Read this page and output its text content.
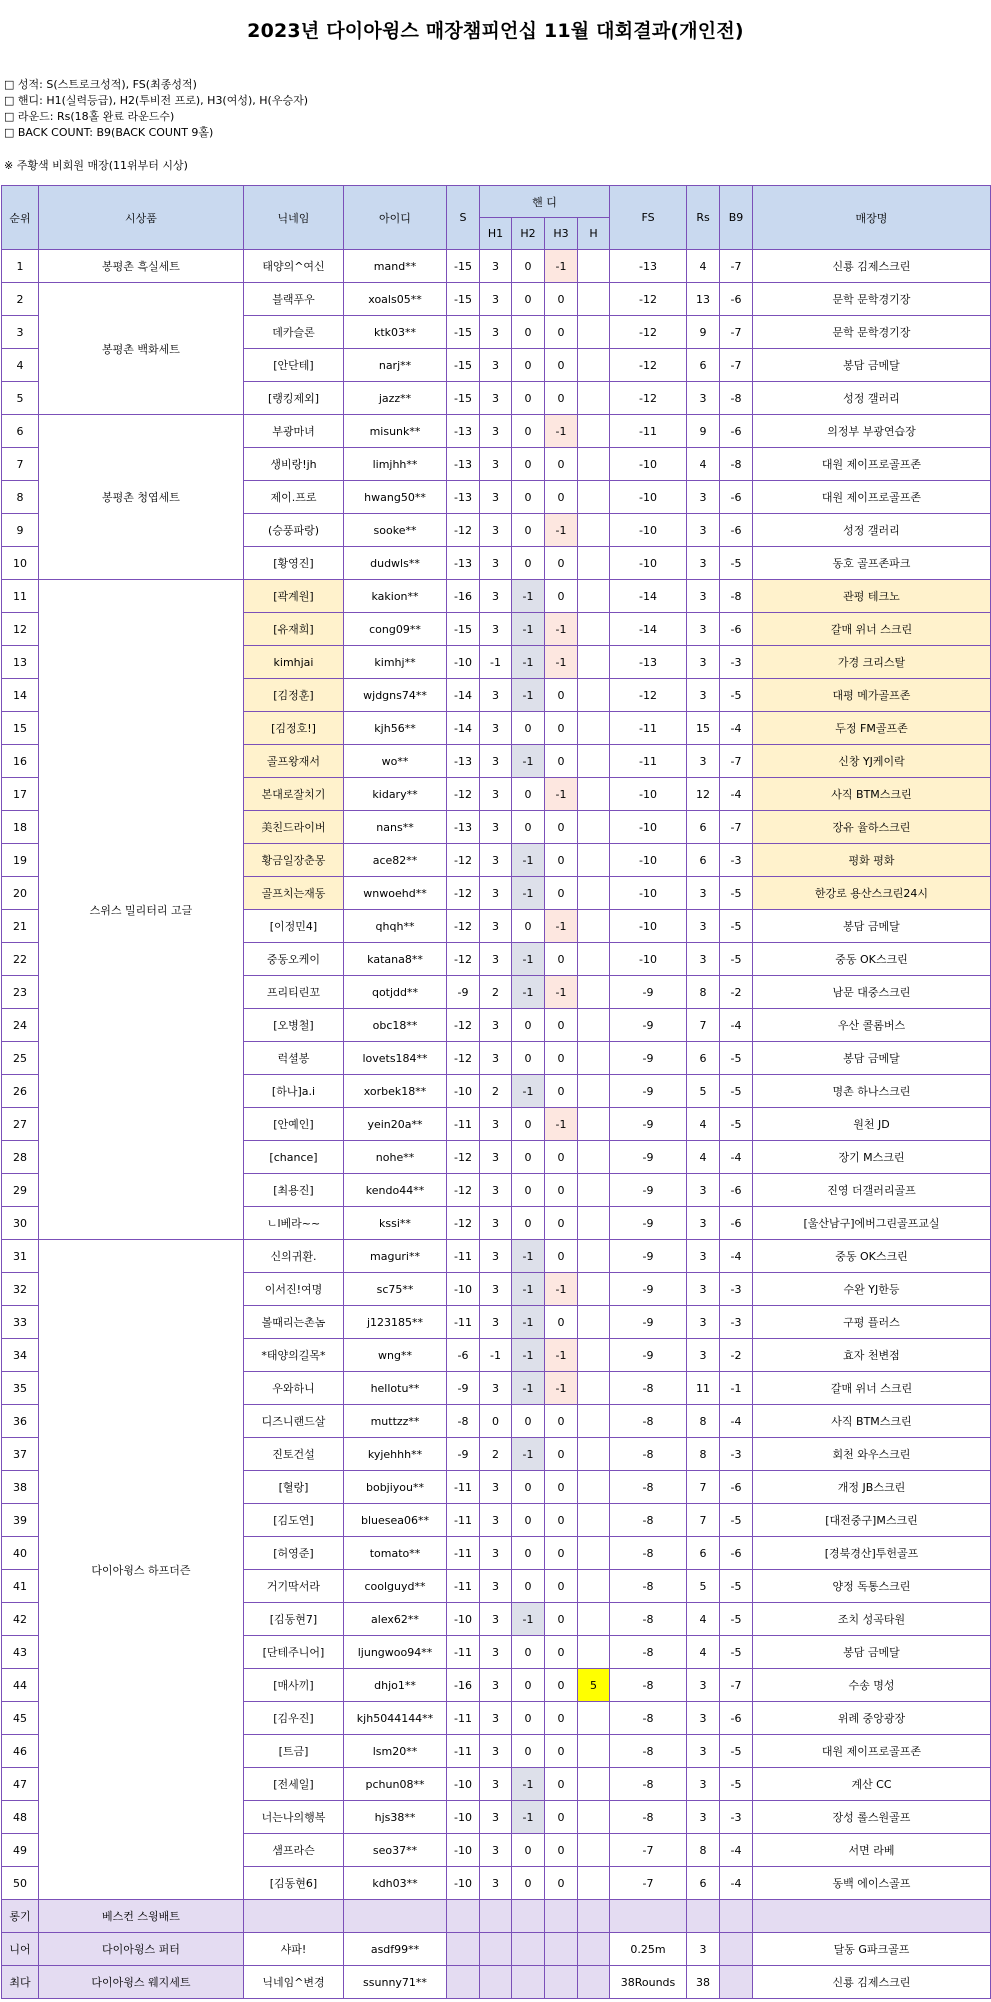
2023년 다이아윙스 매장챔피언십 11월 대회결과(개인전)
□ 성적: S(스트로크성적), FS(최종성적)
□ 핸디: H1(실력등급), H2(투비전 프로), H3(여성), H(우승자)
□ 라운드: Rs(18홀 완료 라운드수)
□ BACK COUNT: B9(BACK COUNT 9홀)
※ 주황색 비회원 매장(11위부터 시상)
순위	시상품	닉네임	아이디	S	핸 디				FS	Rs	B9	매장명
					H1	H2	H3	H				
1	봉평촌 흑실세트	태양의^여신	mand**	-15	3	0	-1		-13	4	-7	신룡 김제스크린
2	봉평촌 백화세트	블랙푸우	xoals05**	-15	3	0	0		-12	13	-6	문학 문학경기장
3		데카슬론	ktk03**	-15	3	0	0		-12	9	-7	문학 문학경기장
4		[안단테]	narj**	-15	3	0	0		-12	6	-7	봉담 금메달
5		[랭킹제외]	jazz**	-15	3	0	0		-12	3	-8	성정 갤러리
6	봉평촌 청엽세트	부광마녀	misunk**	-13	3	0	-1		-11	9	-6	의정부 부광연습장
7		생비랑!jh	limjhh**	-13	3	0	0		-10	4	-8	대원 제이프로골프존
8		제이.프로	hwang50**	-13	3	0	0		-10	3	-6	대원 제이프로골프존
9		(승풍파랑)	sooke**	-12	3	0	-1		-10	3	-6	성정 갤러리
10		[황영진]	dudwls**	-13	3	0	0		-10	3	-5	동호 골프존파크
11	스위스 밀리터리 고글	[곽계원]	kakion**	-16	3	-1	0		-14	3	-8	관평 테크노
12		[유재희]	cong09**	-15	3	-1	-1		-14	3	-6	갈매 위너 스크린
13		kimhjai	kimhj**	-10	-1	-1	-1		-13	3	-3	가경 크리스탈
14		[김정훈]	wjdgns74**	-14	3	-1	0		-12	3	-5	대평 메가골프존
15		[김정호!]	kjh56**	-14	3	0	0		-11	15	-4	두정 FM골프존
16		골프왕재서	wo**	-13	3	-1	0		-11	3	-7	신창 YJ케이락
17		본대로잘치기	kidary**	-12	3	0	-1		-10	12	-4	사직 BTM스크린
18		美친드라이버	nans**	-13	3	0	0		-10	6	-7	장유 율하스크린
19		황금일장춘몽	ace82**	-12	3	-1	0		-10	6	-3	평화 평화
20		골프치는재동	wnwoehd**	-12	3	-1	0		-10	3	-5	한강로 용산스크린24시
21		[이정민4]	qhqh**	-12	3	0	-1		-10	3	-5	봉담 금메달
22		중동오케이	katana8**	-12	3	-1	0		-10	3	-5	중동 OK스크린
23		프리티린꼬	qotjdd**	-9	2	-1	-1		-9	8	-2	남문 대중스크린
24		[오병철]	obc18**	-12	3	0	0		-9	7	-4	우산 콜롬버스
25		럭셜봉	lovets184**	-12	3	0	0		-9	6	-5	봉담 금메달
26		[하나]a.i	xorbek18**	-10	2	-1	0		-9	5	-5	명촌 하나스크린
27		[안예인]	yein20a**	-11	3	0	-1		-9	4	-5	원천 JD
28		[chance]	nohe**	-12	3	0	0		-9	4	-4	장기 M스크린
29		[최용진]	kendo44**	-12	3	0	0		-9	3	-6	진영 더갤러리골프
30		ㄴl베라~~	kssi**	-12	3	0	0		-9	3	-6	[울산남구]에버그린골프교실
31	다이아윙스 하프더즌	신의귀환.	maguri**	-11	3	-1	0		-9	3	-4	중동 OK스크린
32		이서진!여명	sc75**	-10	3	-1	-1		-9	3	-3	수완 YJ한등
33		볼때리는촌놈	j123185**	-11	3	-1	0		-9	3	-3	구평 플러스
34		*태양의길목*	wng**	-6	-1	-1	-1		-9	3	-2	효자 천변점
35		우와하니	hellotu**	-9	3	-1	-1		-8	11	-1	갈매 위너 스크린
36		디즈니랜드살	muttzz**	-8	0	0	0		-8	8	-4	사직 BTM스크린
37		진토건설	kyjehhh**	-9	2	-1	0		-8	8	-3	회천 와우스크린
38		[혈랑]	bobjiyou**	-11	3	0	0		-8	7	-6	개정 JB스크린
39		[김도연]	bluesea06**	-11	3	0	0		-8	7	-5	[대전중구]M스크린
40		[허영준]	tomato**	-11	3	0	0		-8	6	-6	[경북경산]투헌골프
41		거기딱서라	coolguyd**	-11	3	0	0		-8	5	-5	양정 독통스크린
42		[김동현7]	alex62**	-10	3	-1	0		-8	4	-5	조치 성곡타원
43		[단테주니어]	ljungwoo94**	-11	3	0	0		-8	4	-5	봉담 금메달
44		[매사끼]	dhjo1**	-16	3	0	0	5	-8	3	-7	수송 명성
45		[김우진]	kjh5044144**	-11	3	0	0		-8	3	-6	위례 중앙광장
46		[트금]	lsm20**	-11	3	0	0		-8	3	-5	대원 제이프로골프존
47		[전세일]	pchun08**	-10	3	-1	0		-8	3	-5	계산 CC
48		너는나의행복	hjs38**	-10	3	-1	0		-8	3	-3	장성 롤스원골프
49		샘프라슨	seo37**	-10	3	0	0		-7	8	-4	서면 라베
50		[김동현6]	kdh03**	-10	3	0	0		-7	6	-4	동백 에이스골프
롱기	베스컨 스윙배트											
니어	다이아윙스 퍼터	샤파!	asdf99**						0.25m	3		달동 G파크골프
최다	다이아윙스 웨지세트	닉네임^변경	ssunny71**						38Rounds	38		신룡 김제스크린
